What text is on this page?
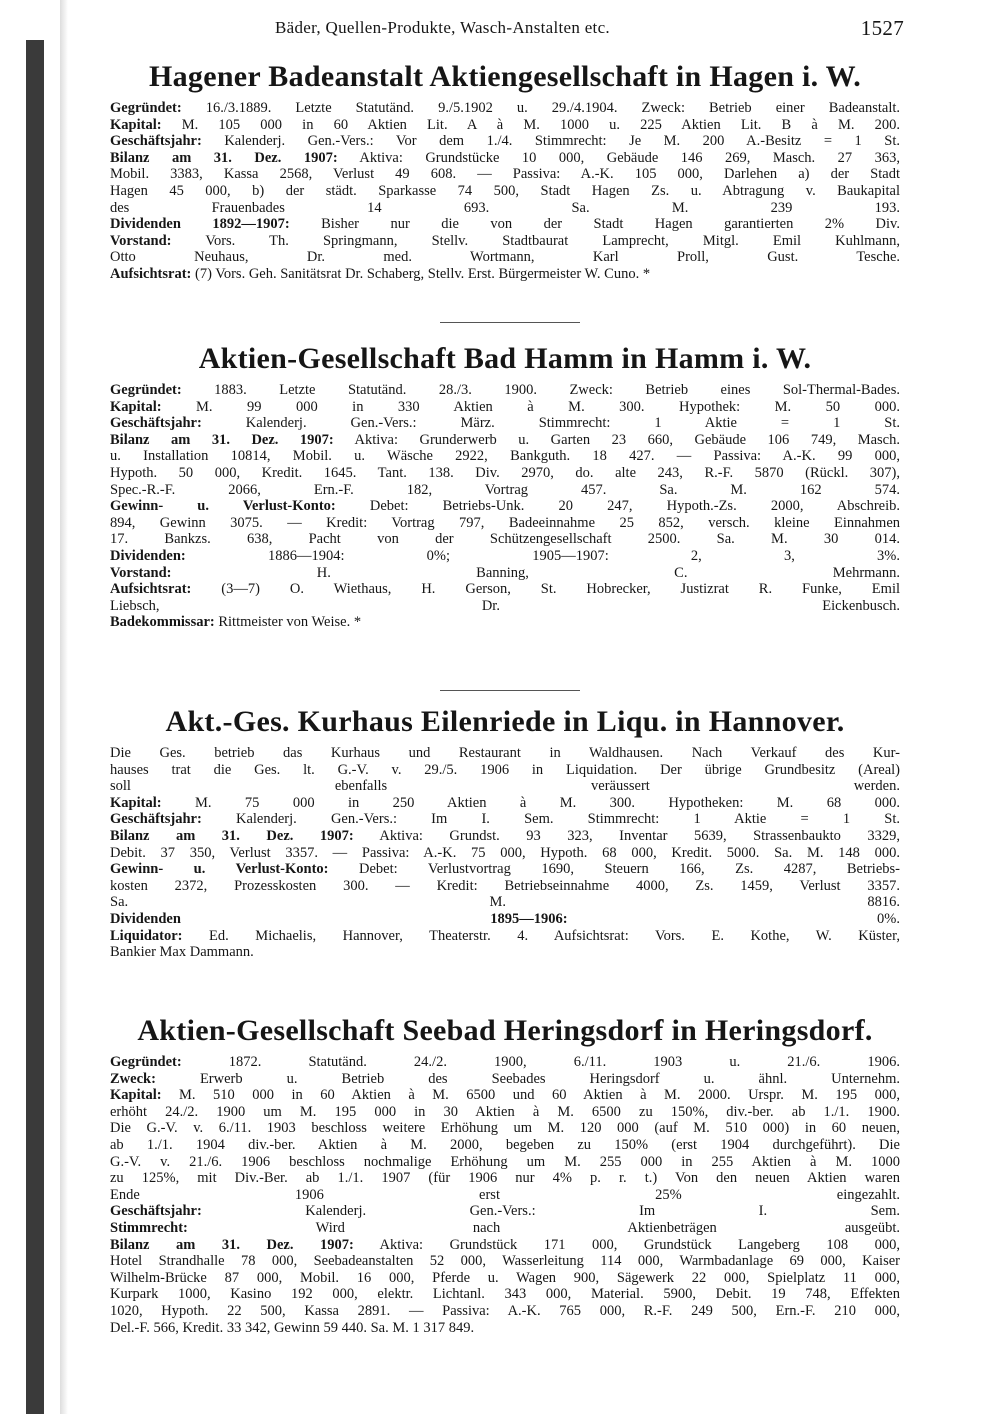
Bäder, Quellen-Produkte, Wasch-Anstalten etc.	1527
Hagener Badeanstalt Aktiengesellschaft in Hagen i. W.
Gegründet: 16./3.1889. Letzte Statutänd. 9./5.1902 u. 29./4.1904. Zweck: Betrieb einer Badeanstalt.
Kapital: M. 105 000 in 60 Aktien Lit. A à M. 1000 u. 225 Aktien Lit. B à M. 200.
Geschäftsjahr: Kalenderj. Gen.-Vers.: Vor dem 1./4. Stimmrecht: Je M. 200 A.-Besitz = 1 St.
Bilanz am 31. Dez. 1907: Aktiva: Grundstücke 10 000, Gebäude 146 269, Masch. 27 363,
Mobil. 3383, Kassa 2568, Verlust 49 608. — Passiva: A.-K. 105 000, Darlehen a) der Stadt
Hagen 45 000, b) der städt. Sparkasse 74 500, Stadt Hagen Zs. u. Abtragung v. Baukapital
des Frauenbades 14 693. Sa. M. 239 193.
Dividenden 1892—1907: Bisher nur die von der Stadt Hagen garantierten 2% Div.
Vorstand: Vors. Th. Springmann, Stellv. Stadtbaurat Lamprecht, Mitgl. Emil Kuhlmann,
Otto Neuhaus, Dr. med. Wortmann, Karl Proll, Gust. Tesche.
Aufsichtsrat: (7) Vors. Geh. Sanitätsrat Dr. Schaberg, Stellv. Erst. Bürgermeister W. Cuno. *
Aktien-Gesellschaft Bad Hamm in Hamm i. W.
Gegründet: 1883. Letzte Statutänd. 28./3. 1900. Zweck: Betrieb eines Sol-Thermal-Bades.
Kapital: M. 99 000 in 330 Aktien à M. 300. Hypothek: M. 50 000.
Geschäftsjahr: Kalenderj. Gen.-Vers.: März. Stimmrecht: 1 Aktie = 1 St.
Bilanz am 31. Dez. 1907: Aktiva: Grunderwerb u. Garten 23 660, Gebäude 106 749, Masch.
u. Installation 10814, Mobil. u. Wäsche 2922, Bankguth. 18 427. — Passiva: A.-K. 99 000,
Hypoth. 50 000, Kredit. 1645. Tant. 138. Div. 2970, do. alte 243, R.-F. 5870 (Rückl. 307),
Spec.-R.-F. 2066, Ern.-F. 182, Vortrag 457. Sa. M. 162 574.
Gewinn- u. Verlust-Konto: Debet: Betriebs-Unk. 20 247, Hypoth.-Zs. 2000, Abschreib.
894, Gewinn 3075. — Kredit: Vortrag 797, Badeeinnahme 25 852, versch. kleine Einnahmen
17. Bankzs. 638, Pacht von der Schützengesellschaft 2500. Sa. M. 30 014.
Dividenden: 1886—1904: 0%; 1905—1907: 2, 3, 3%.
Vorstand: H. Banning, C. Mehrmann.
Aufsichtsrat: (3—7) O. Wiethaus, H. Gerson, St. Hobrecker, Justizrat R. Funke, Emil
Liebsch, Dr. Eickenbusch.
Badekommissar: Rittmeister von Weise. *
Akt.-Ges. Kurhaus Eilenriede in Liqu. in Hannover.
Die Ges. betrieb das Kurhaus und Restaurant in Waldhausen. Nach Verkauf des Kur-
hauses trat die Ges. lt. G.-V. v. 29./5. 1906 in Liquidation. Der übrige Grundbesitz (Areal)
soll ebenfalls veräussert werden.
Kapital: M. 75 000 in 250 Aktien à M. 300. Hypotheken: M. 68 000.
Geschäftsjahr: Kalenderj. Gen.-Vers.: Im I. Sem. Stimmrecht: 1 Aktie = 1 St.
Bilanz am 31. Dez. 1907: Aktiva: Grundst. 93 323, Inventar 5639, Strassenbaukto 3329,
Debit. 37 350, Verlust 3357. — Passiva: A.-K. 75 000, Hypoth. 68 000, Kredit. 5000. Sa. M. 148 000.
Gewinn- u. Verlust-Konto: Debet: Verlustvortrag 1690, Steuern 166, Zs. 4287, Betriebs-
kosten 2372, Prozesskosten 300. — Kredit: Betriebseinnahme 4000, Zs. 1459, Verlust 3357.
Sa. M. 8816.
Dividenden 1895—1906: 0%.
Liquidator: Ed. Michaelis, Hannover, Theaterstr. 4. Aufsichtsrat: Vors. E. Kothe, W. Küster,
Bankier Max Dammann.
Aktien-Gesellschaft Seebad Heringsdorf in Heringsdorf.
Gegründet: 1872. Statutänd. 24./2. 1900, 6./11. 1903 u. 21./6. 1906.
Zweck: Erwerb u. Betrieb des Seebades Heringsdorf u. ähnl. Unternehm.
Kapital: M. 510 000 in 60 Aktien à M. 6500 und 60 Aktien à M. 2000. Urspr. M. 195 000,
erhöht 24./2. 1900 um M. 195 000 in 30 Aktien à M. 6500 zu 150%, div.-ber. ab 1./1. 1900.
Die G.-V. v. 6./11. 1903 beschloss weitere Erhöhung um M. 120 000 (auf M. 510 000) in 60 neuen,
ab 1./1. 1904 div.-ber. Aktien à M. 2000, begeben zu 150% (erst 1904 durchgeführt). Die
G.-V. v. 21./6. 1906 beschloss nochmalige Erhöhung um M. 255 000 in 255 Aktien à M. 1000
zu 125%, mit Div.-Ber. ab 1./1. 1907 (für 1906 nur 4% p. r. t.) Von den neuen Aktien waren
Ende 1906 erst 25% eingezahlt.
Geschäftsjahr: Kalenderj. Gen.-Vers.: Im I. Sem.
Stimmrecht: Wird nach Aktienbeträgen ausgeübt.
Bilanz am 31. Dez. 1907: Aktiva: Grundstück 171 000, Grundstück Langeberg 108 000,
Hotel Strandhalle 78 000, Seebadeanstalten 52 000, Wasserleitung 114 000, Warmbadanlage 69 000, Kaiser
Wilhelm-Brücke 87 000, Mobil. 16 000, Pferde u. Wagen 900, Sägewerk 22 000, Spielplatz 11 000,
Kurpark 1000, Kasino 192 000, elektr. Lichtanl. 343 000, Material. 5900, Debit. 19 748, Effekten
1020, Hypoth. 22 500, Kassa 2891. — Passiva: A.-K. 765 000, R.-F. 249 500, Ern.-F. 210 000,
Del.-F. 566, Kredit. 33 342, Gewinn 59 440. Sa. M. 1 317 849.
